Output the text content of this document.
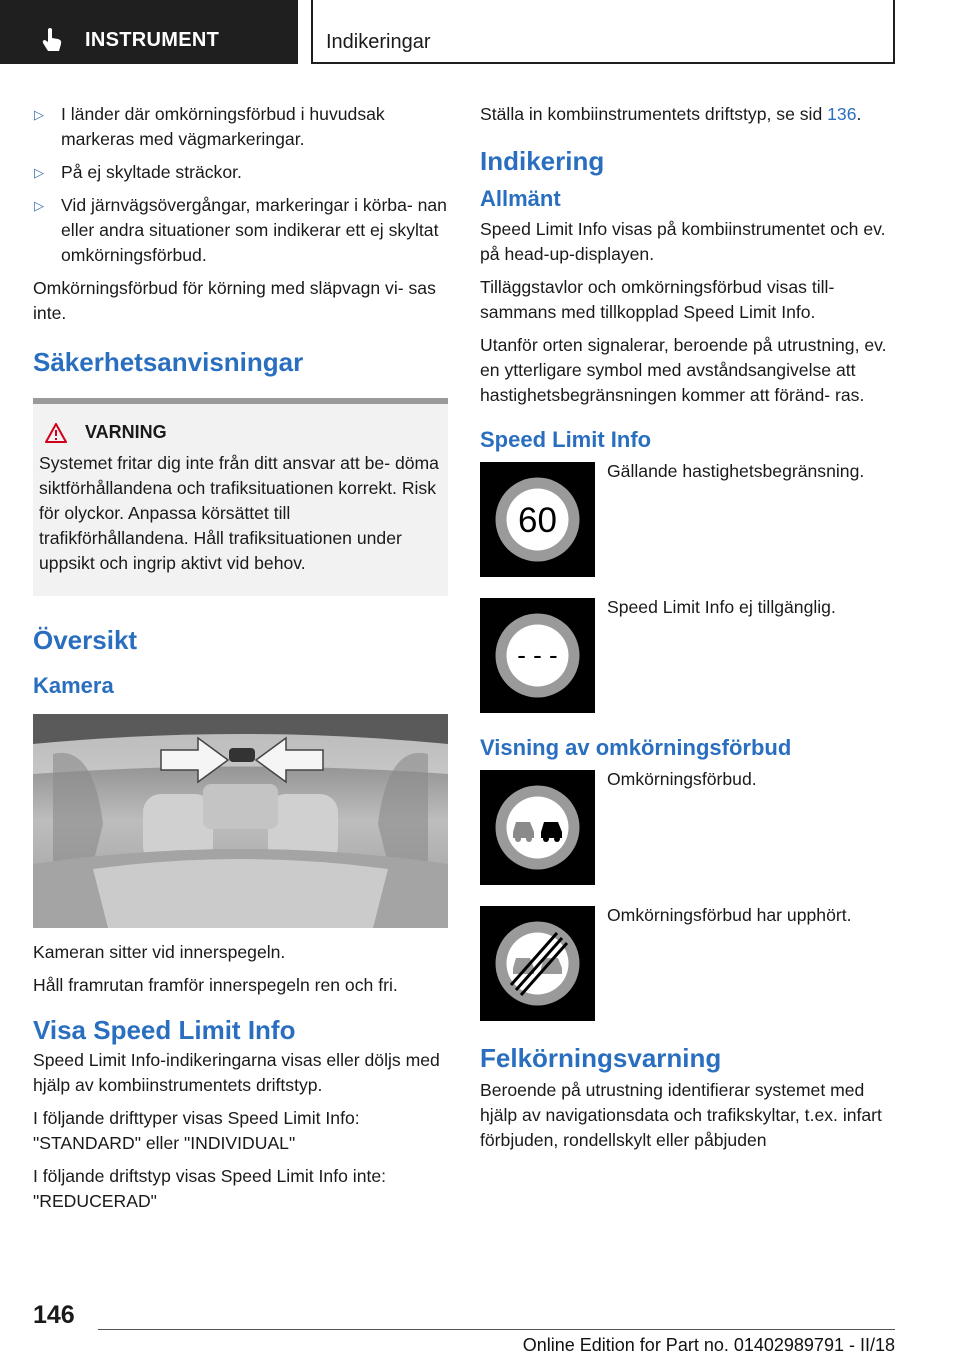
INSTRUMENT	Indikeringar
▷ I länder där omkörningsförbud i huvudsak markeras med vägmarkeringar.
▷ På ej skyltade sträckor.
▷ Vid järnvägsövergångar, markeringar i körba‐ nan eller andra situationer som indikerar ett ej skyltat omkörningsförbud.

Omkörningsförbud för körning med släpvagn vi‐ sas inte.

Säkerhetsanvisningar
VARNING

Systemet fritar dig inte från ditt ansvar att be‐ döma siktförhållandena och trafiksituationen korrekt. Risk för olyckor. Anpassa körsättet till trafikförhållandena. Håll trafiksituationen under uppsikt och ingrip aktivt vid behov.

Översikt
Kamera

Kameran sitter vid innerspegeln.

Håll framrutan framför innerspegeln ren och fri.

Visa Speed Limit Info

Speed Limit Info-indikeringarna visas eller döljs med hjälp av kombiinstrumentets driftstyp.

I följande drifttyper visas Speed Limit Info:
"STANDARD" eller "INDIVIDUAL"

I följande driftstyp visas Speed Limit Info inte:
"REDUCERAD"

Ställa in kombiinstrumentets driftstyp, se sid 136.

Indikering
Allmänt

Speed Limit Info visas på kombiinstrumentet och ev. på head-up-displayen.

Tilläggstavlor och omkörningsförbud visas till‐ sammans med tillkopplad Speed Limit Info.

Utanför orten signalerar, beroende på utrustning, ev. en ytterligare symbol med avståndsangivelse att hastighetsbegränsningen kommer att föränd‐ ras.

Speed Limit Info
60
Gällande hastighetsbegränsning.
- - -
Speed Limit Info ej tillgänglig.
Visning av omkörningsförbud
Omkörningsförbud.
Omkörningsförbud har upphört.
Felkörningsvarning

Beroende på utrustning identifierar systemet med hjälp av navigationsdata och trafikskyltar, t.ex. infart förbjuden, rondellskylt eller påbjuden

146
Online Edition for Part no. 01402989791 - II/18
